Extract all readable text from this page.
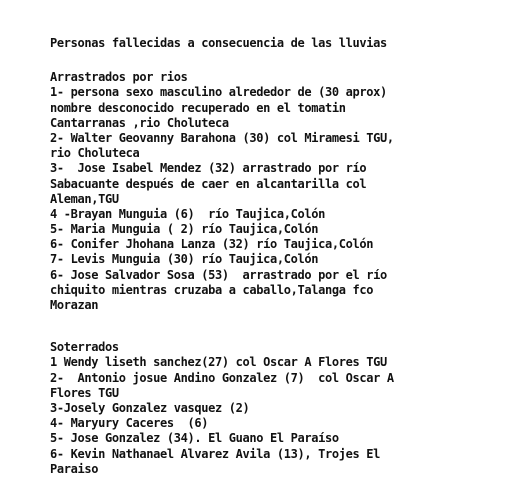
Personas fallecidas a consecuencia de las lluvias
Arrastrados por rios
1- persona sexo masculino alrededor de (30 aprox)
nombre desconocido recuperado en el tomatin
Cantarranas ,rio Choluteca
2- Walter Geovanny Barahona (30) col Miramesi TGU,
rio Choluteca
3-  Jose Isabel Mendez (32) arrastrado por río
Sabacuante después de caer en alcantarilla col
Aleman,TGU
4 -Brayan Munguia (6)  río Taujica,Colón
5- Maria Munguia ( 2) río Taujica,Colón
6- Conifer Jhohana Lanza (32) río Taujica,Colón
7- Levis Munguia (30) río Taujica,Colón
6- Jose Salvador Sosa (53)  arrastrado por el río
chiquito mientras cruzaba a caballo,Talanga fco
Morazan
Soterrados
1 Wendy liseth sanchez(27) col Oscar A Flores TGU
2-  Antonio josue Andino Gonzalez (7)  col Oscar A
Flores TGU
3-Josely Gonzalez vasquez (2)
4- Maryury Caceres  (6)
5- Jose Gonzalez (34). El Guano El Paraíso
6- Kevin Nathanael Alvarez Avila (13), Trojes El
Paraiso
